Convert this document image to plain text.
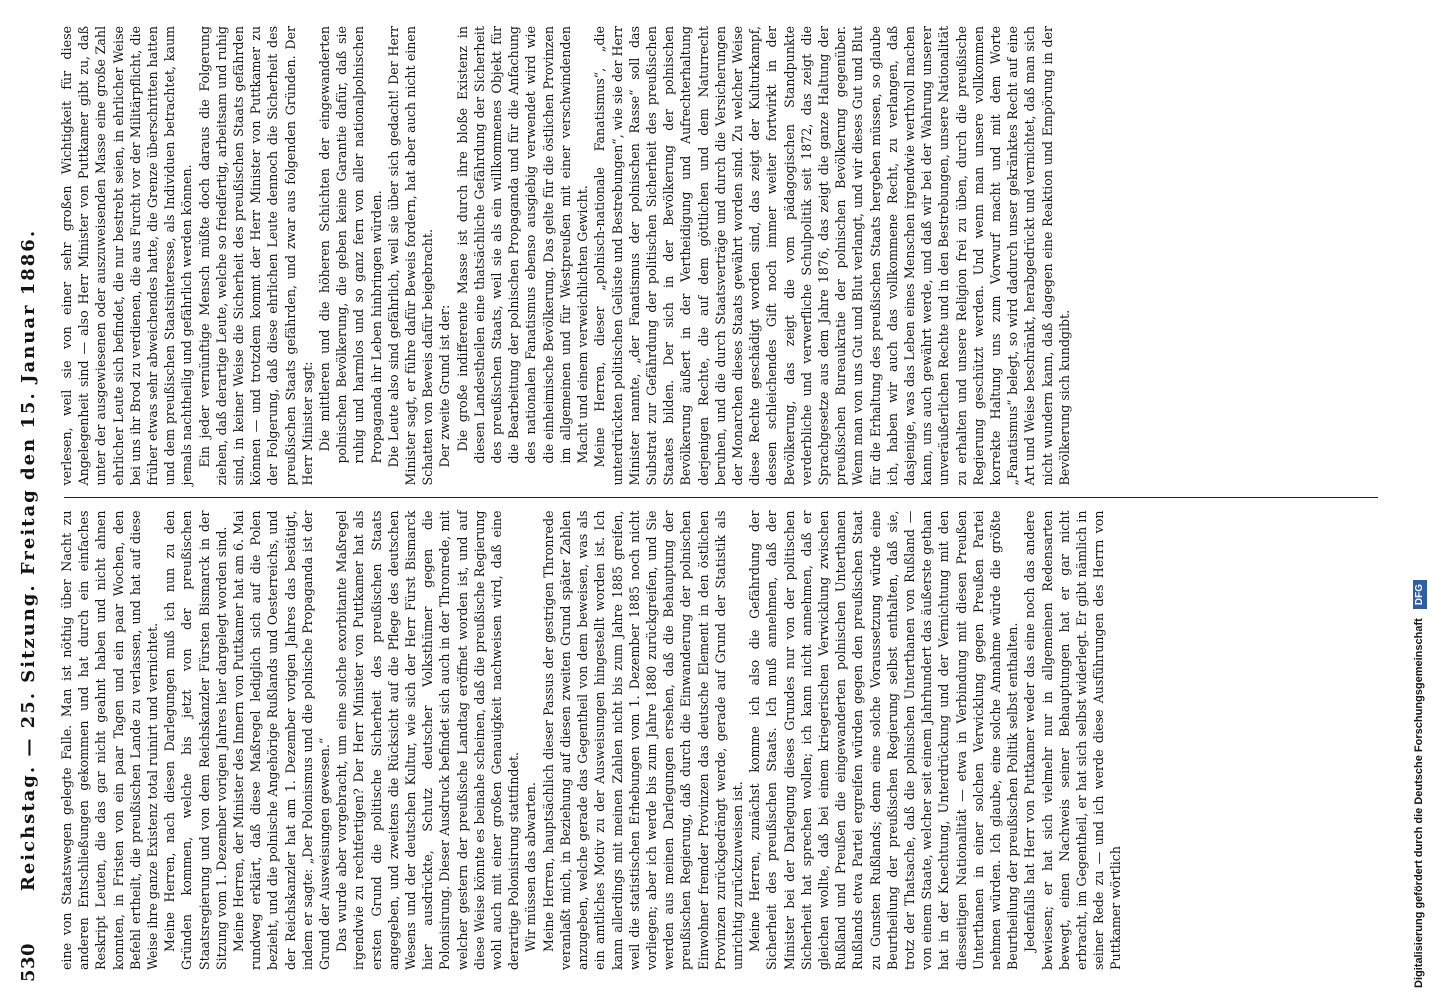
530
Reichstag. — 25. Sitzung. Freitag den 15. Januar 1886. eine von Staatswegen gelegte Falle. Man ist nöthig über Nacht zu anderen Entschließungen gekommen und hat durch ein einfaches Reskript Leuten, die das gar nicht geahnt haben und nicht ahnen konnten, in Fristen von ein paar Tagen und ein paar Wochen, den Befehl ertheilt, die preußischen Lande zu verlassen, und hat auf diese Weise ihre ganze Existenz total ruinirt und vernichtet. Meine Herren, nach diesen Darlegungen muß ich nun zu den Gründen kommen, welche bis jetzt von der preußischen Staatsregierung und von dem Reichskanzler Fürsten Bismarck in der Sitzung vom 1. Dezember vorigen Jahres hier dargelegt worden sind. Meine Herren, der Minister des Innern von Puttkamer hat am 6. Mai rundweg erklärt, daß diese Maßregel lediglich sich auf die Polen bezieht, und die polnische Angehörige Rußlands und Oesterreichs, und der Reichskanzler hat am 1. Dezember vorigen Jahres das bestätigt, indem er sagte: „Der Polonismus und die polnische Propaganda ist der Grund der Ausweisungen gewesen.“ Das wurde aber vorgebracht, um eine solche exorbitante Maßregel irgendwie zu rechtfertigen? Der Herr Minister von Puttkamer hat als ersten Grund die politische Sicherheit des preußischen Staats angegeben, und zweitens die Rücksicht auf die Pflege des deutschen Wesens und der deutschen Kultur, wie sich der Herr Fürst Bismarck hier ausdrückte, Schutz deutscher Volksthümer gegen die Polonisirung. Dieser Ausdruck befindet sich auch in der Thronrede, mit welcher gestern der preußische Landtag eröffnet worden ist, und auf diese Weise könnte es beinahe scheinen, daß die preußische Regierung wohl auch mit einer großen Genauigkeit nachweisen wird, daß eine derartige Polonisirung stattfindet. Wir müssen das abwarten. Meine Herren, hauptsächlich dieser Passus der gestrigen Thronrede veranlaßt mich, in Beziehung auf diesen zweiten Grund später Zahlen anzugeben, welche gerade das Gegentheil von dem beweisen, was als ein amtliches Motiv zu der Ausweisungen hingestellt worden ist. Ich kann allerdings mit meinen Zahlen nicht bis zum Jahre 1885 greifen, weil die statistischen Erhebungen vom 1. Dezember 1885 noch nicht vorliegen; aber ich werde bis zum Jahre 1880 zurückgreifen, und Sie werden aus meinen Darlegungen ersehen, daß die Behauptung der preußischen Regierung, daß durch die Einwanderung der polnischen Einwohner fremder Provinzen das deutsche Element in den östlichen Provinzen zurückgedrängt werde, gerade auf Grund der Statistik als unrichtig zurückzuweisen ist. Meine Herren, zunächst komme ich also die Gefährdung der Sicherheit des preußischen Staats. Ich muß annehmen, daß der Minister bei der Darlegung dieses Grundes nur von der politischen Sicherheit hat sprechen wollen; ich kann nicht annehmen, daß er gleichen wollte, daß bei einem kriegerischen Verwicklung zwischen Rußland und Preußen die eingewanderten polnischen Unterthanen Rußlands etwa Partei ergreifen würden gegen den preußischen Staat zu Gunsten Rußlands; denn eine solche Voraussetzung würde eine Beurtheilung der preußischen Regierung selbst enthalten, daß sie, trotz der Thatsache, daß die polnischen Unterthanen von Rußland — von einem Staate, welcher seit einem Jahrhundert das äußerste gethan hat in der Knechtung, Unterdrückung und der Vernichtung mit den diesseitigen Nationalität — etwa in Verbindung mit diesen Preußen Unterthanen in einer solchen Verwicklung gegen Preußen Partei nehmen würden. Ich glaube, eine solche Annahme würde die größte Beurtheilung der preußischen Politik selbst enthalten. Jedenfalls hat Herr von Puttkamer weder das eine noch das andere bewiesen; er hat sich vielmehr nur in allgemeinen Redensarten bewegt, einen Nachweis seiner Behauptungen hat er gar nicht erbracht, im Gegentheil, er hat sich selbst widerlegt. Er gibt nämlich in seiner Rede zu — und ich werde diese Ausführungen des Herrn von Puttkamer wörtlich

verlesen, weil sie von einer sehr großen Wichtigkeit für diese Angelegenheit sind — also Herr Minister von Puttkamer gibt zu, daß unter der ausgewiesenen oder auszuweisenden Masse eine große Zahl ehrlicher Leute sich befindet, die nur bestrebt seien, in ehrlicher Weise bei uns ihr Brod zu verdienen, die aus Furcht vor der Militärpflicht, die früher etwas sehr abweichendes hatte, die Grenze überschritten hatten und dem preußischen Staatsinteresse, als Individuen betrachtet, kaum jemals nachtheilig und gefährlich werden können. Ein jeder vernünftige Mensch müßte doch daraus die Folgerung ziehen, daß derartige Leute, welche so friedfertig, arbeitsam und ruhig sind, in keiner Weise die Sicherheit des preußischen Staats gefährden können — und trotzdem kommt der Herr Minister von Puttkamer zu der Folgerung, daß diese ehrlichen Leute dennoch die Sicherheit des preußischen Staats gefährden, und zwar aus folgenden Gründen. Der Herr Minister sagt: Die mittleren und die höheren Schichten der eingewanderten polnischen Bevölkerung, die geben keine Garantie dafür, daß sie ruhig und harmlos und so ganz fern von aller nationalpolnischen Propaganda ihr Leben hinbringen würden. Die Leute also sind gefährlich, weil sie über sich gedacht! Der Herr Minister sagt, er führe dafür Beweis fordern, hat aber auch nicht einen Schatten von Beweis dafür beigebracht. Der zweite Grund ist der: Die große indifferente Masse ist durch ihre bloße Existenz in diesen Landestheilen eine thatsächliche Gefährdung der Sicherheit des preußischen Staats, weil sie als ein willkommenes Objekt für die Bearbeitung der polnischen Propaganda und für die Anfachung des nationalen Fanatismus ebenso ausgiebig verwendet wird wie die einheimische Bevölkerung. Das gelte für die östlichen Provinzen im allgemeinen und für Westpreußen mit einer verschwindenden Macht und einem verweichlichten Gewicht. Meine Herren, dieser „polnisch-nationale Fanatismus“, „die unterdrückten politischen Gelüste und Bestrebungen“, wie sie der Herr Minister nannte, „der Fanatismus der polnischen Rasse“ soll das Substrat zur Gefährdung der politischen Sicherheit des preußischen Staates bilden. Der sich in der Bevölkerung der polnischen Bevölkerung äußert in der Vertheidigung und Aufrechterhaltung derjenigen Rechte, die auf dem göttlichen und dem Naturrecht beruhen, und die durch Staatsverträge und durch die Versicherungen der Monarchen dieses Staats gewährt worden sind. Zu welcher Weise diese Rechte geschädigt worden sind, das zeigt der Kulturkampf, dessen schleichendes Gift noch immer weiter fortwirkt in der Bevölkerung, das zeigt die vom pädagogischen Standpunkte verderbliche und verwerfliche Schulpolitik seit 1872, das zeigt die Sprachgesetze aus dem Jahre 1876, das zeigt die ganze Haltung der preußischen Bureaukratie der polnischen Bevölkerung gegenüber. Wenn man von uns Gut und Blut verlangt, und wir dieses Gut und Blut für die Erhaltung des preußischen Staats hergeben müssen, so glaube ich, haben wir auch das vollkommene Recht, zu verlangen, daß dasjenige, was das Leben eines Menschen irgendwie werthvoll machen kann, uns auch gewährt werde, und daß wir bei der Wahrung unserer unveräußerlichen Rechte und in den Bestrebungen, unsere Nationalität zu erhalten und unsere Religion frei zu üben, durch die preußische Regierung geschützt werden. Und wenn man unsere vollkommen korrekte Haltung uns zum Vorwurf macht und mit dem Worte „Fanatismus“ belegt, so wird dadurch unser gekränktes Recht auf eine Art und Weise beschränkt, herabgedrückt und vernichtet, daß man sich nicht wundern kann, daß dagegen eine Reaktion und Empörung in der Bevölkerung sich kundgibt.

Digitalisierung gefördert durch die Deutsche Forschungsgemeinschaft DFG
